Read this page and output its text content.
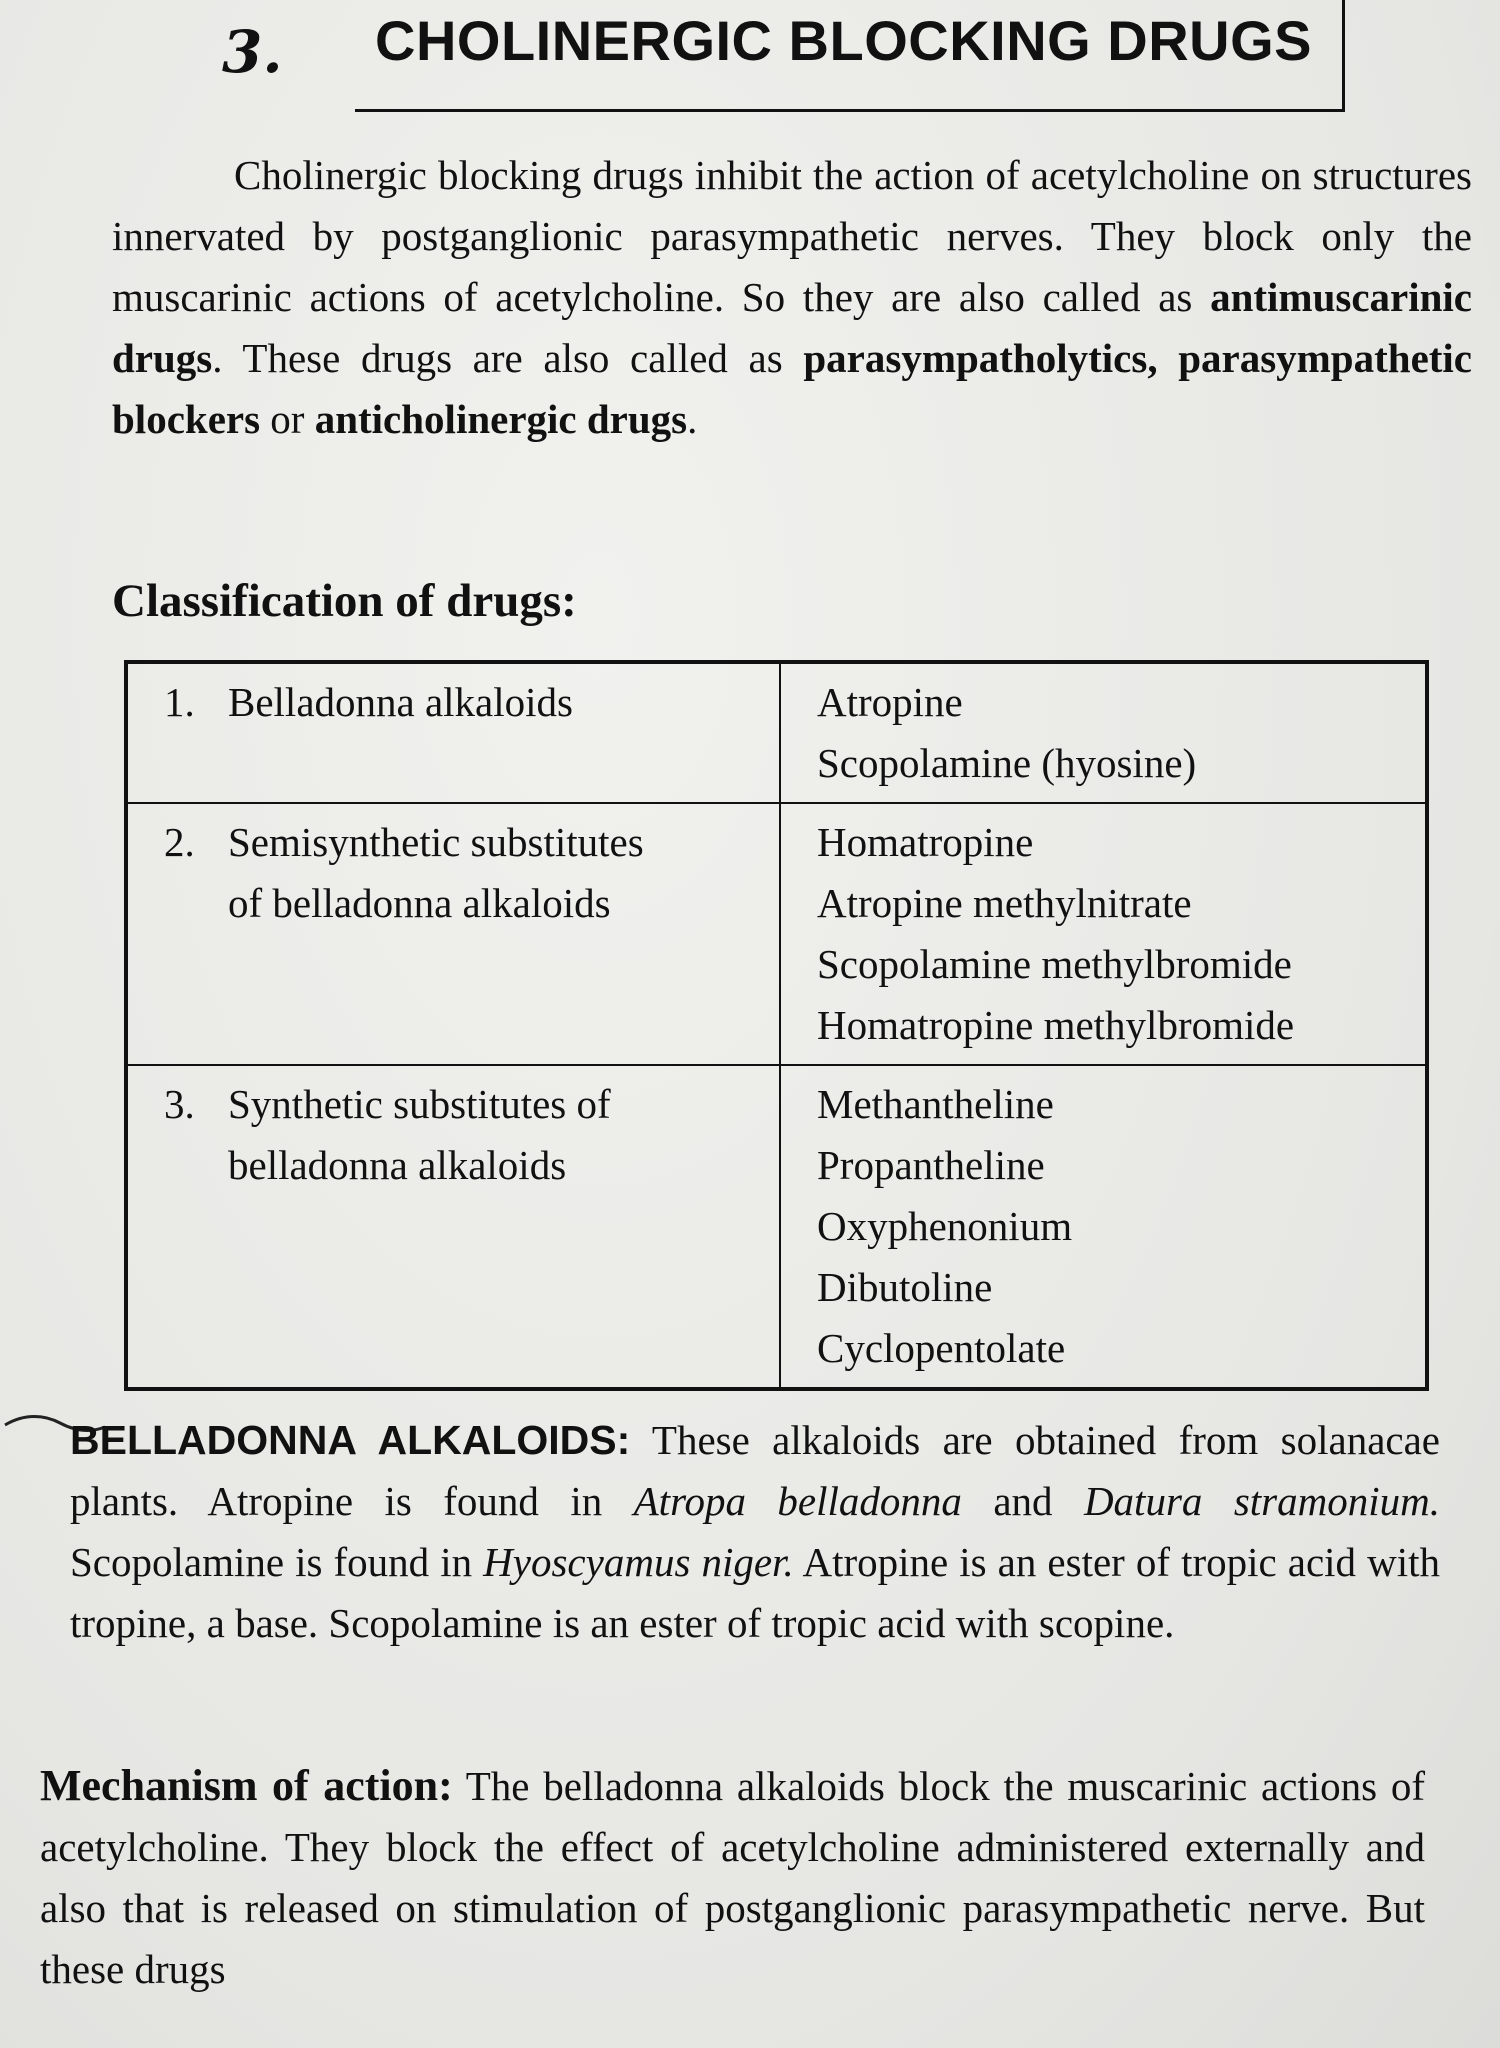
3. CHOLINERGIC BLOCKING DRUGS
Cholinergic blocking drugs inhibit the action of acetylcholine on structures innervated by postganglionic parasympathetic nerves. They block only the muscarinic actions of acetylcholine. So they are also called as antimuscarinic drugs. These drugs are also called as parasympatholytics, parasympathetic blockers or anticholinergic drugs.
Classification of drugs:
1. Belladonna alkaloids	Atropine
Scopolamine (hyosine)

2. Semisynthetic substitutes
of belladonna alkaloids	Homatropine
Atropine methylnitrate
Scopolamine methylbromide
Homatropine methylbromide

3. Synthetic substitutes of
belladonna alkaloids	Methantheline
Propantheline
Oxyphenonium
Dibutoline
Cyclopentolate
BELLADONNA ALKALOIDS: These alkaloids are obtained from solanacae plants. Atropine is found in Atropa belladonna and Datura stramonium. Scopolamine is found in Hyoscyamus niger. Atropine is an ester of tropic acid with tropine, a base. Scopolamine is an ester of tropic acid with scopine.
Mechanism of action: The belladonna alkaloids block the muscarinic actions of acetylcholine. They block the effect of acetylcholine administered externally and also that is released on stimulation of postganglionic parasympathetic nerve. But these drugs
